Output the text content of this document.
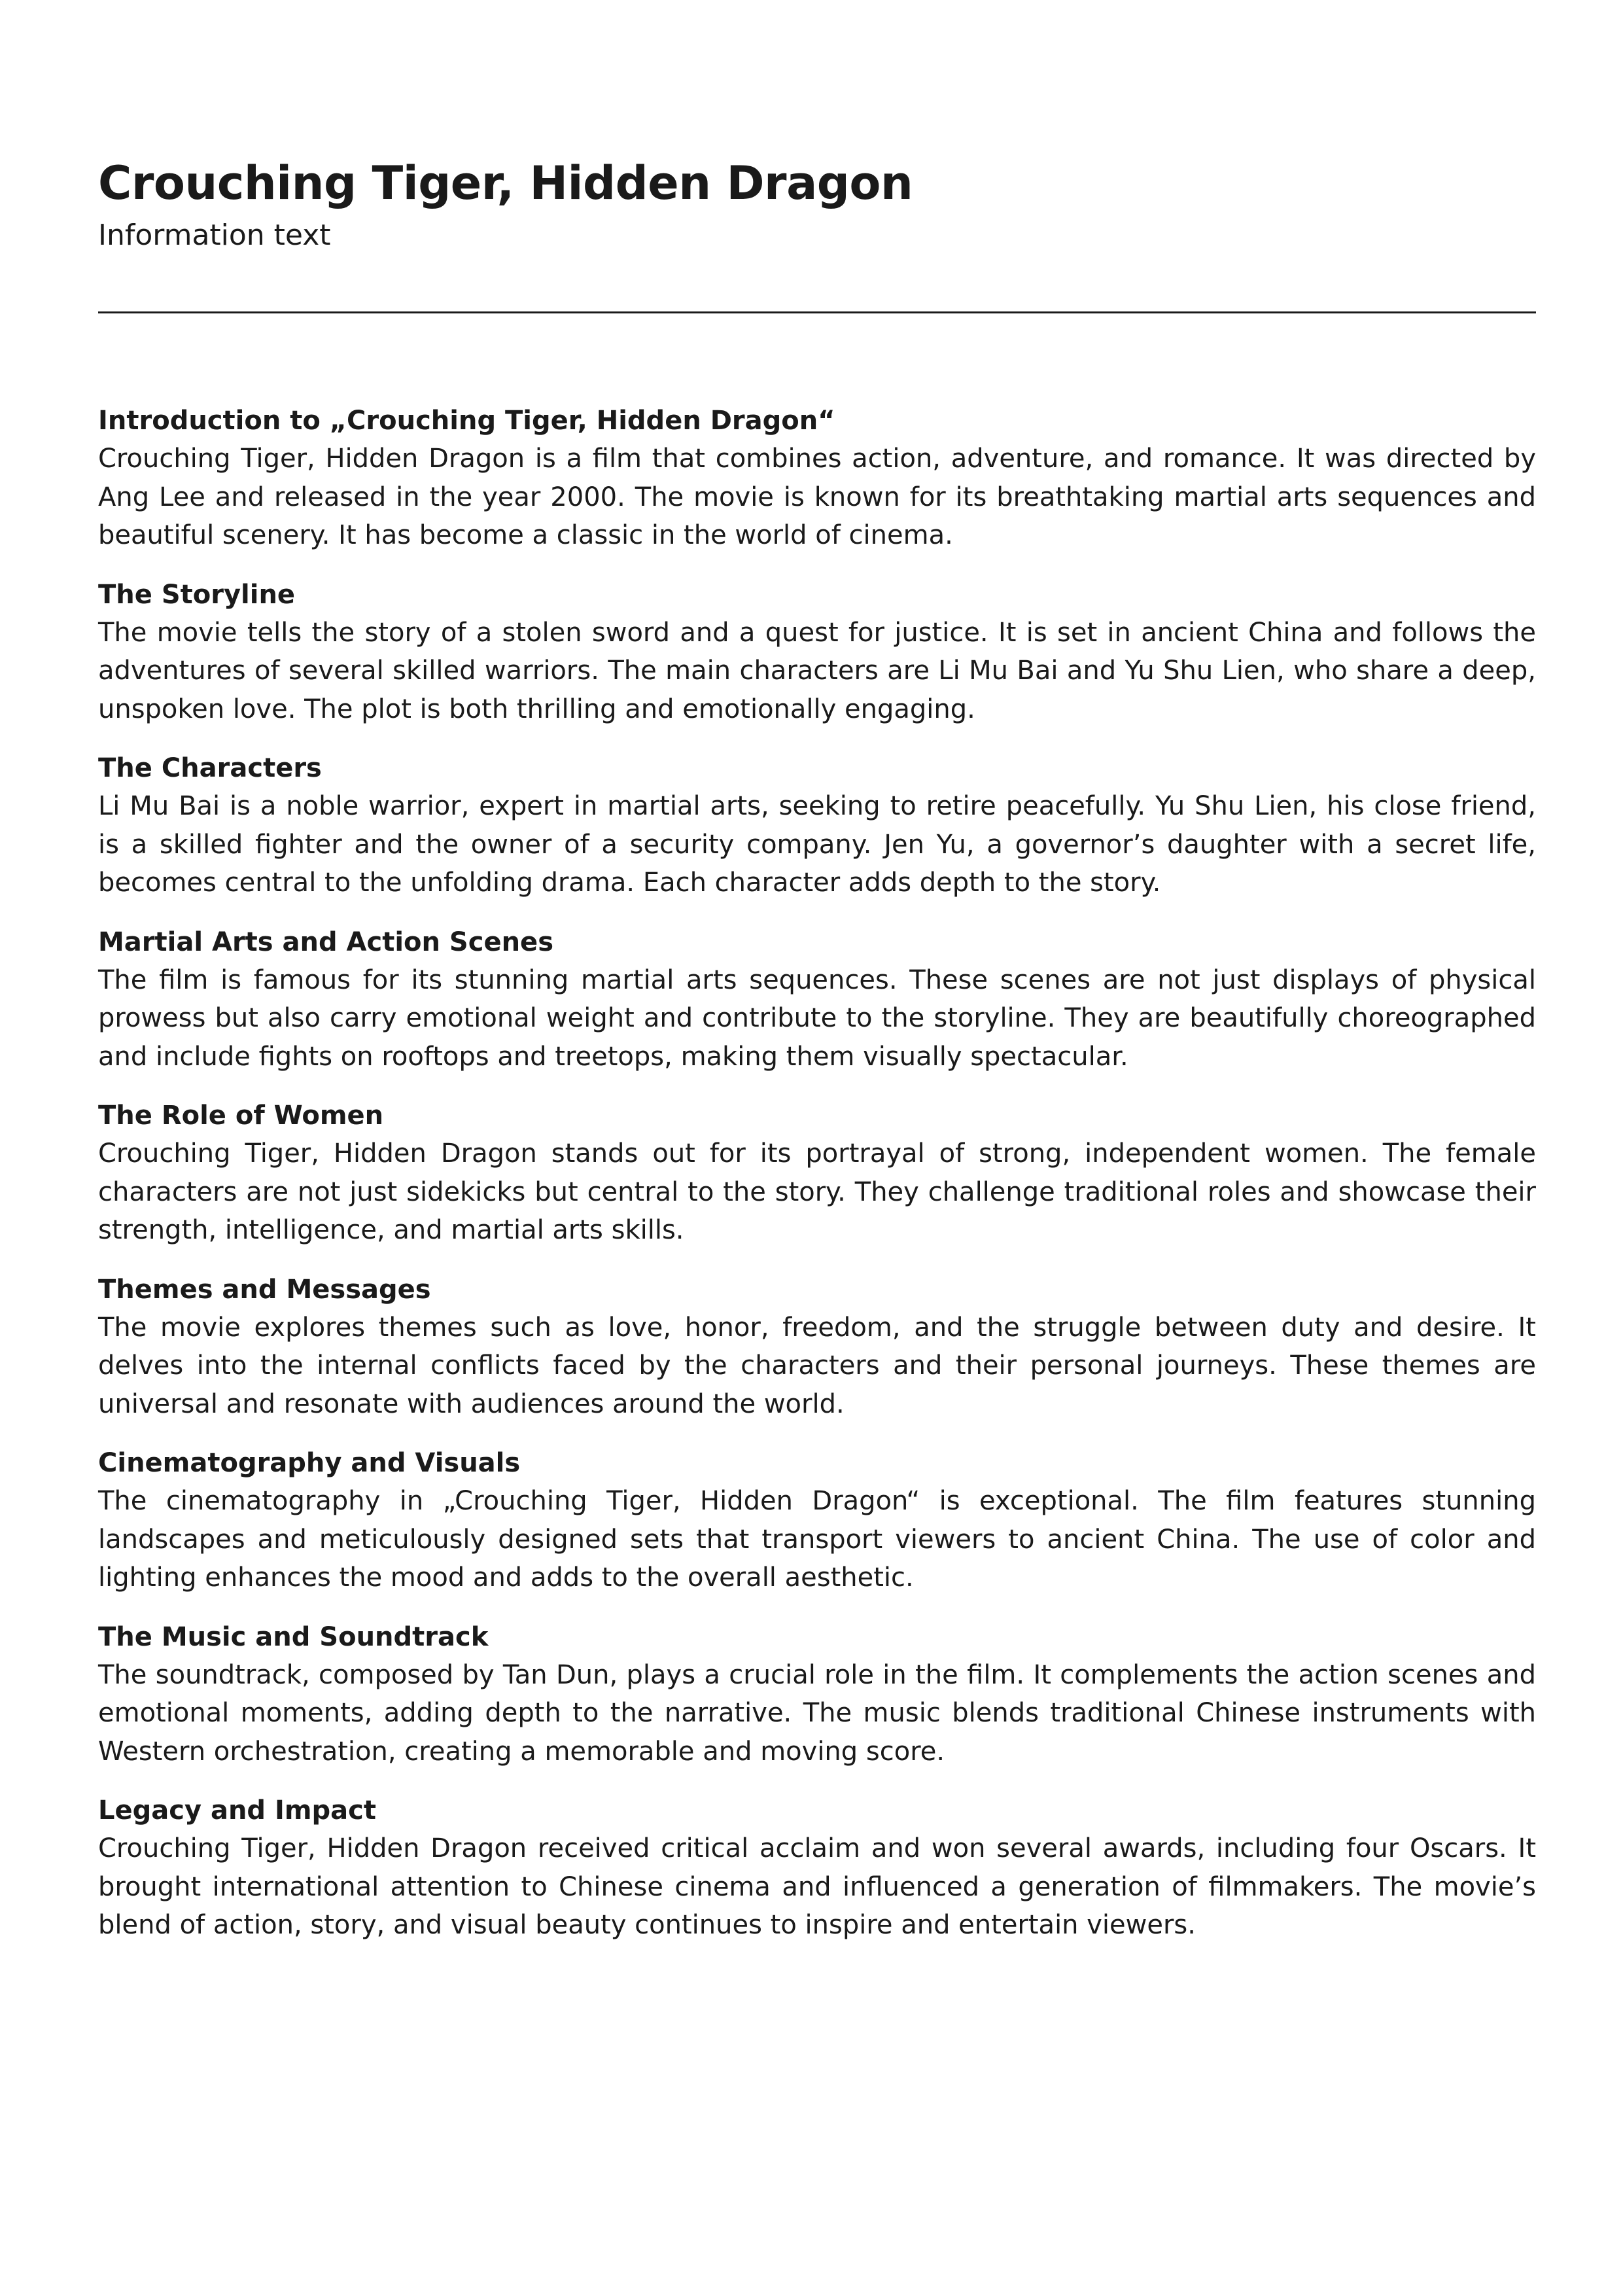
Crouching Tiger, Hidden Dragon

Information text

Introduction to „Crouching Tiger, Hidden Dragon“

Crouching Tiger, Hidden Dragon is a film that combines action, adventure, and romance. It was directed by Ang Lee and released in the year 2000. The movie is known for its breathtaking martial arts sequences and beautiful scenery. It has become a classic in the world of cinema.

The Storyline

The movie tells the story of a stolen sword and a quest for justice. It is set in ancient China and follows the adventures of several skilled warriors. The main characters are Li Mu Bai and Yu Shu Lien, who share a deep, unspoken love. The plot is both thrilling and emotionally engaging.

The Characters

Li Mu Bai is a noble warrior, expert in martial arts, seeking to retire peacefully. Yu Shu Lien, his close friend, is a skilled fighter and the owner of a security company. Jen Yu, a governor’s daughter with a secret life, becomes central to the unfolding drama. Each character adds depth to the story.

Martial Arts and Action Scenes

The film is famous for its stunning martial arts sequences. These scenes are not just displays of physical prowess but also carry emotional weight and contribute to the storyline. They are beautifully choreographed and include fights on rooftops and treetops, making them visually spectacular.

The Role of Women

Crouching Tiger, Hidden Dragon stands out for its portrayal of strong, independent women. The female characters are not just sidekicks but central to the story. They challenge traditional roles and showcase their strength, intelligence, and martial arts skills.

Themes and Messages

The movie explores themes such as love, honor, freedom, and the struggle between duty and desire. It delves into the internal conflicts faced by the characters and their personal journeys. These themes are universal and resonate with audiences around the world.

Cinematography and Visuals

The cinematography in „Crouching Tiger, Hidden Dragon“ is exceptional. The film features stunning landscapes and meticulously designed sets that transport viewers to ancient China. The use of color and lighting enhances the mood and adds to the overall aesthetic.

The Music and Soundtrack

The soundtrack, composed by Tan Dun, plays a crucial role in the film. It complements the action scenes and emotional moments, adding depth to the narrative. The music blends traditional Chinese instruments with Western orchestration, creating a memorable and moving score.

Legacy and Impact

Crouching Tiger, Hidden Dragon received critical acclaim and won several awards, including four Oscars. It brought international attention to Chinese cinema and influenced a generation of filmmakers. The movie’s blend of action, story, and visual beauty continues to inspire and entertain viewers.
